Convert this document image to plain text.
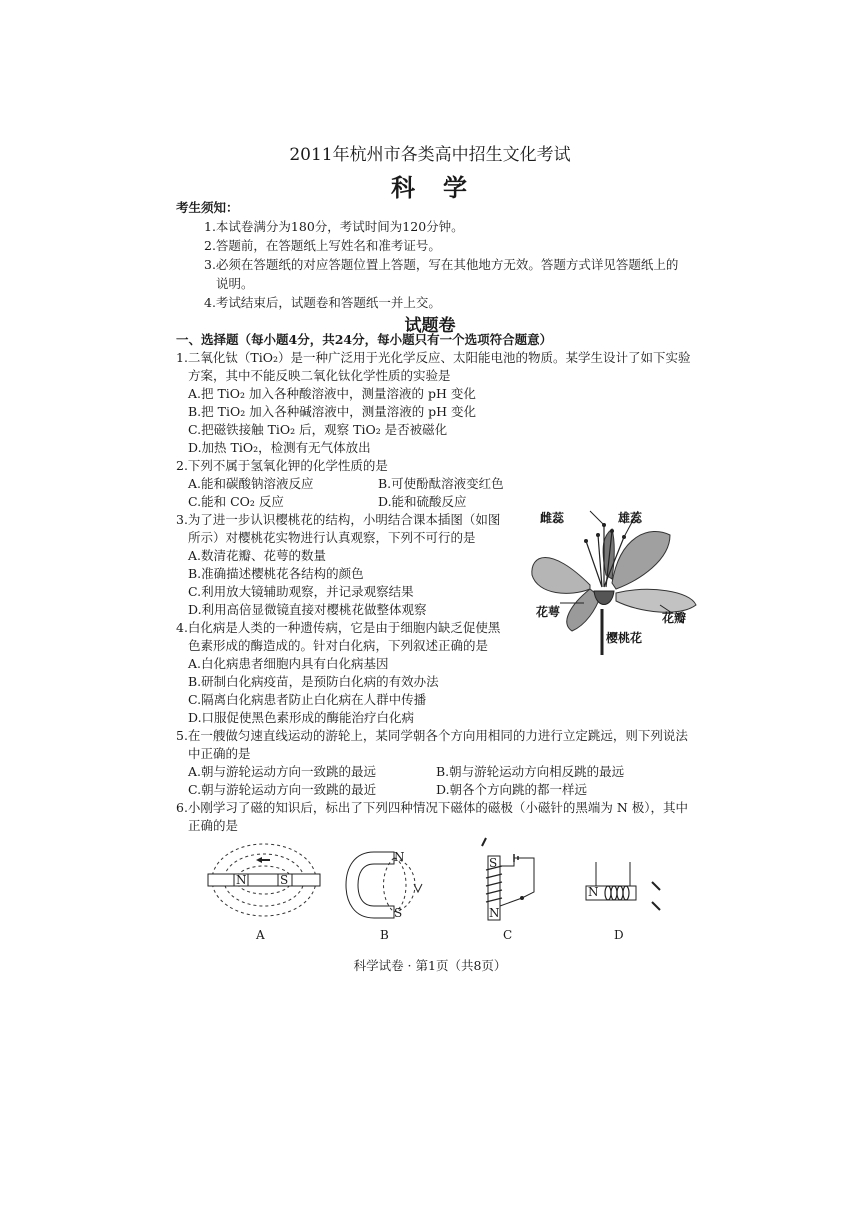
2011年杭州市各类高中招生文化考试
科　学
考生须知：
1.本试卷满分为180分，考试时间为120分钟。
2.答题前，在答题纸上写姓名和准考证号。
3.必须在答题纸的对应答题位置上答题，写在其他地方无效。答题方式详见答题纸上的
说明。
4.考试结束后，试题卷和答题纸一并上交。
试题卷
一、选择题（每小题4分，共24分，每小题只有一个选项符合题意）
1.二氧化钛（TiO₂）是一种广泛用于光化学反应、太阳能电池的物质。某学生设计了如下实验
方案，其中不能反映二氧化钛化学性质的实验是
A.把 TiO₂ 加入各种酸溶液中，测量溶液的 pH 变化
B.把 TiO₂ 加入各种碱溶液中，测量溶液的 pH 变化
C.把磁铁接触 TiO₂ 后，观察 TiO₂ 是否被磁化
D.加热 TiO₂，检测有无气体放出
2.下列不属于氢氧化钾的化学性质的是
A.能和碳酸钠溶液反应	B.可使酚酞溶液变红色
C.能和 CO₂ 反应	D.能和硫酸反应
3.为了进一步认识樱桃花的结构，小明结合课本插图（如图
所示）对樱桃花实物进行认真观察，下列不可行的是
A.数清花瓣、花萼的数量
B.准确描述樱桃花各结构的颜色
C.利用放大镜辅助观察，并记录观察结果
D.利用高倍显微镜直接对樱桃花做整体观察
雌蕊	雄蕊
花萼	花瓣
樱桃花
4.白化病是人类的一种遗传病，它是由于细胞内缺乏促使黑
色素形成的酶造成的。针对白化病，下列叙述正确的是
A.白化病患者细胞内具有白化病基因
B.研制白化病疫苗，是预防白化病的有效办法
C.隔离白化病患者防止白化病在人群中传播
D.口服促使黑色素形成的酶能治疗白化病
5.在一艘做匀速直线运动的游轮上，某同学朝各个方向用相同的力进行立定跳远，则下列说法
中正确的是
A.朝与游轮运动方向一致跳的最远	B.朝与游轮运动方向相反跳的最远
C.朝与游轮运动方向一致跳的最近	D.朝各个方向跳的都一样远
6.小刚学习了磁的知识后，标出了下列四种情况下磁体的磁极（小磁针的黑端为 N 极），其中
正确的是
N	S
A
N
S
B
S
N
C
N
D
科学试卷 · 第1页（共8页）
